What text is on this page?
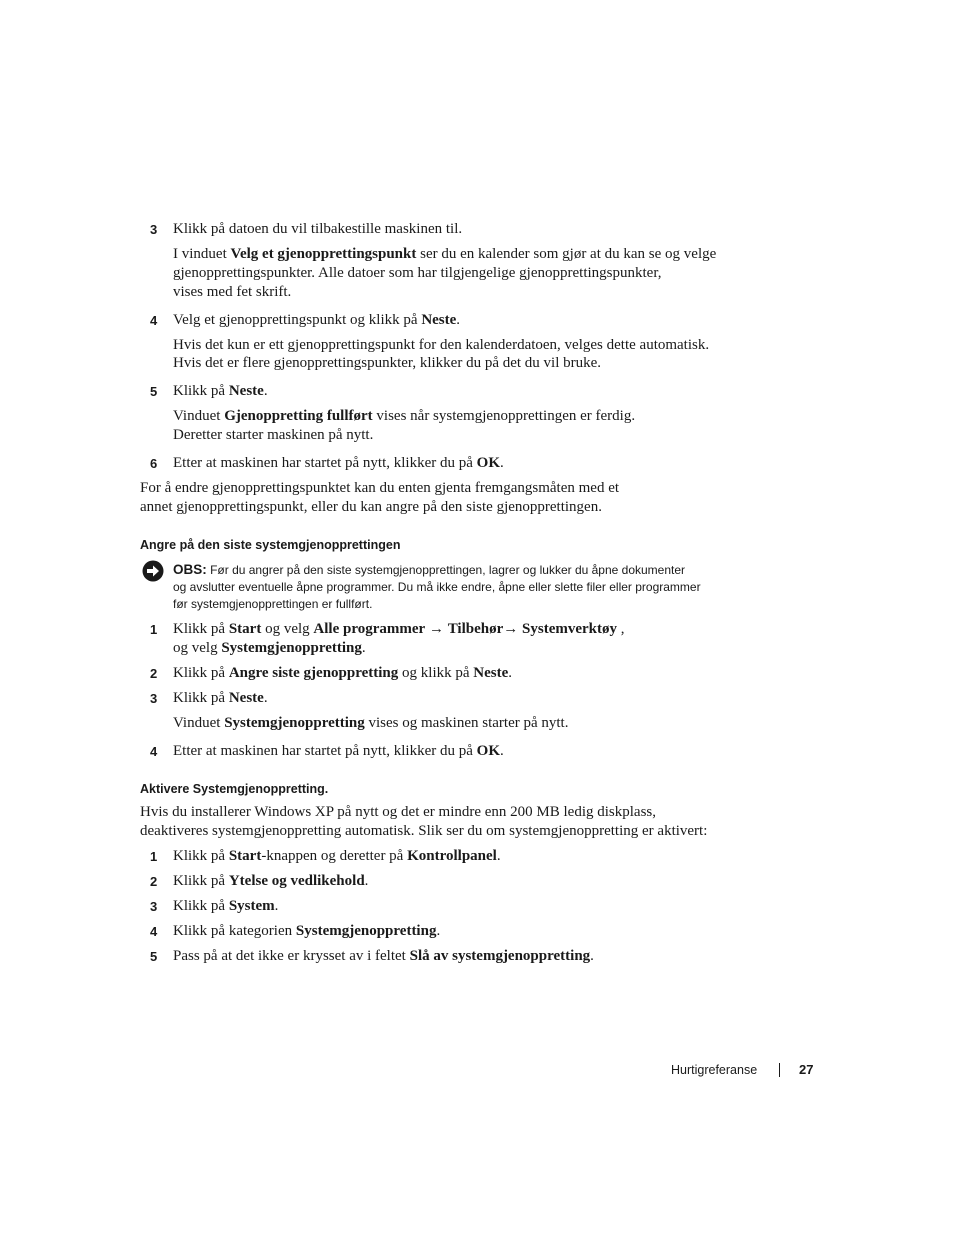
3 Klikk på datoen du vil tilbakestille maskinen til.
I vinduet Velg et gjenopprettingspunkt ser du en kalender som gjør at du kan se og velge
gjenopprettingspunkter. Alle datoer som har tilgjengelige gjenopprettingspunkter,
vises med fet skrift.
4 Velg et gjenopprettingspunkt og klikk på Neste.
Hvis det kun er ett gjenopprettingspunkt for den kalenderdatoen, velges dette automatisk.
Hvis det er flere gjenopprettingspunkter, klikker du på det du vil bruke.
5 Klikk på Neste.
Vinduet Gjenoppretting fullført vises når systemgjenopprettingen er ferdig.
Deretter starter maskinen på nytt.
6 Etter at maskinen har startet på nytt, klikker du på OK.
For å endre gjenopprettingspunktet kan du enten gjenta fremgangsmåten med et
annet gjenopprettingspunkt, eller du kan angre på den siste gjenopprettingen.
Angre på den siste systemgjenopprettingen
OBS: Før du angrer på den siste systemgjenopprettingen, lagrer og lukker du åpne dokumenter
og avslutter eventuelle åpne programmer. Du må ikke endre, åpne eller slette filer eller programmer
før systemgjenopprettingen er fullført.
1 Klikk på Start og velg Alle programmer → Tilbehør→ Systemverktøy ,
og velg Systemgjenoppretting.
2 Klikk på Angre siste gjenoppretting og klikk på Neste.
3 Klikk på Neste.
Vinduet Systemgjenoppretting vises og maskinen starter på nytt.
4 Etter at maskinen har startet på nytt, klikker du på OK.
Aktivere Systemgjenoppretting.
Hvis du installerer Windows XP på nytt og det er mindre enn 200 MB ledig diskplass,
deaktiveres systemgjenoppretting automatisk. Slik ser du om systemgjenoppretting er aktivert:
1 Klikk på Start-knappen og deretter på Kontrollpanel.
2 Klikk på Ytelse og vedlikehold.
3 Klikk på System.
4 Klikk på kategorien Systemgjenoppretting.
5 Pass på at det ikke er krysset av i feltet Slå av systemgjenoppretting.
Hurtigreferanse	27
